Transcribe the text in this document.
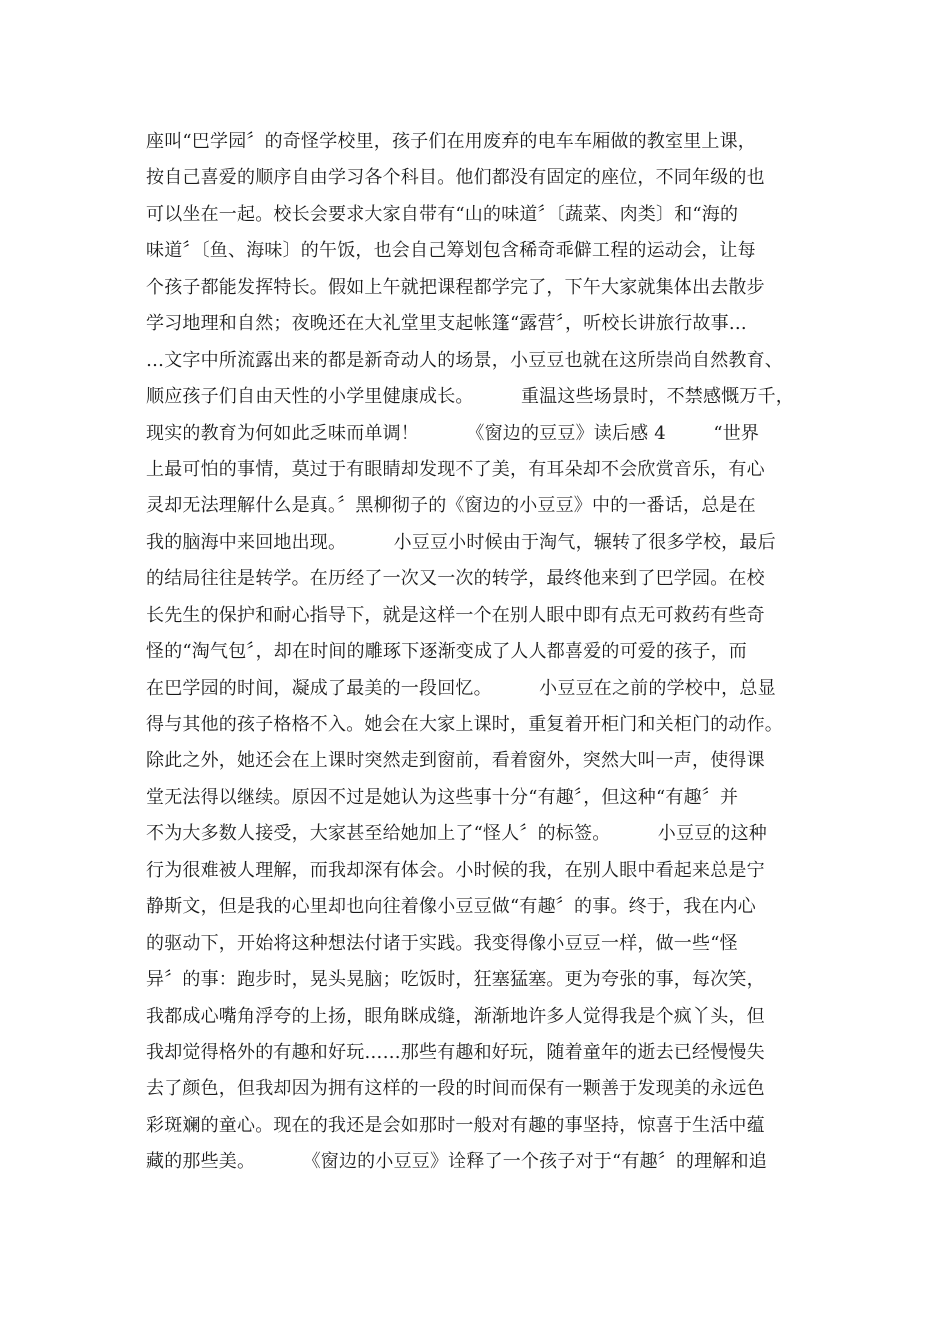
座叫“巴学园〞的奇怪学校里，孩子们在用废弃的电车车厢做的教室里上课，
按自己喜爱的顺序自由学习各个科目。他们都没有固定的座位，不同年级的也
可以坐在一起。校长会要求大家自带有“山的味道〞〔蔬菜、肉类〕和“海的
味道〞〔鱼、海味〕的午饭，也会自己筹划包含稀奇乖僻工程的运动会，让每
个孩子都能发挥特长。假如上午就把课程都学完了，下午大家就集体出去散步
学习地理和自然；夜晚还在大礼堂里支起帐篷“露营〞，听校长讲旅行故事…
…文字中所流露出来的都是新奇动人的场景，小豆豆也就在这所崇尚自然教育、
顺应孩子们自由天性的小学里健康成长。        重温这些场景时，不禁感慨万千，
现实的教育为何如此乏味而单调！        《窗边的豆豆》读后感 4        “世界
上最可怕的事情，莫过于有眼睛却发现不了美，有耳朵却不会欣赏音乐，有心
灵却无法理解什么是真。〞黑柳彻子的《窗边的小豆豆》中的一番话，总是在
我的脑海中来回地出现。        小豆豆小时候由于淘气，辗转了很多学校，最后
的结局往往是转学。在历经了一次又一次的转学，最终他来到了巴学园。在校
长先生的保护和耐心指导下，就是这样一个在别人眼中即有点无可救药有些奇
怪的“淘气包〞，却在时间的雕琢下逐渐变成了人人都喜爱的可爱的孩子，而
在巴学园的时间，凝成了最美的一段回忆。        小豆豆在之前的学校中，总显
得与其他的孩子格格不入。她会在大家上课时，重复着开柜门和关柜门的动作。
除此之外，她还会在上课时突然走到窗前，看着窗外，突然大叫一声，使得课
堂无法得以继续。原因不过是她认为这些事十分“有趣〞，但这种“有趣〞并
不为大多数人接受，大家甚至给她加上了“怪人〞的标签。        小豆豆的这种
行为很难被人理解，而我却深有体会。小时候的我，在别人眼中看起来总是宁
静斯文，但是我的心里却也向往着像小豆豆做“有趣〞的事。终于，我在内心
的驱动下，开始将这种想法付诸于实践。我变得像小豆豆一样，做一些“怪
异〞的事：跑步时，晃头晃脑；吃饭时，狂塞猛塞。更为夸张的事，每次笑，
我都成心嘴角浮夸的上扬，眼角眯成缝，渐渐地许多人觉得我是个疯丫头，但
我却觉得格外的有趣和好玩……那些有趣和好玩，随着童年的逝去已经慢慢失
去了颜色，但我却因为拥有这样的一段的时间而保有一颗善于发现美的永远色
彩斑斓的童心。现在的我还是会如那时一般对有趣的事坚持，惊喜于生活中蕴
藏的那些美。        《窗边的小豆豆》诠释了一个孩子对于“有趣〞的理解和追
